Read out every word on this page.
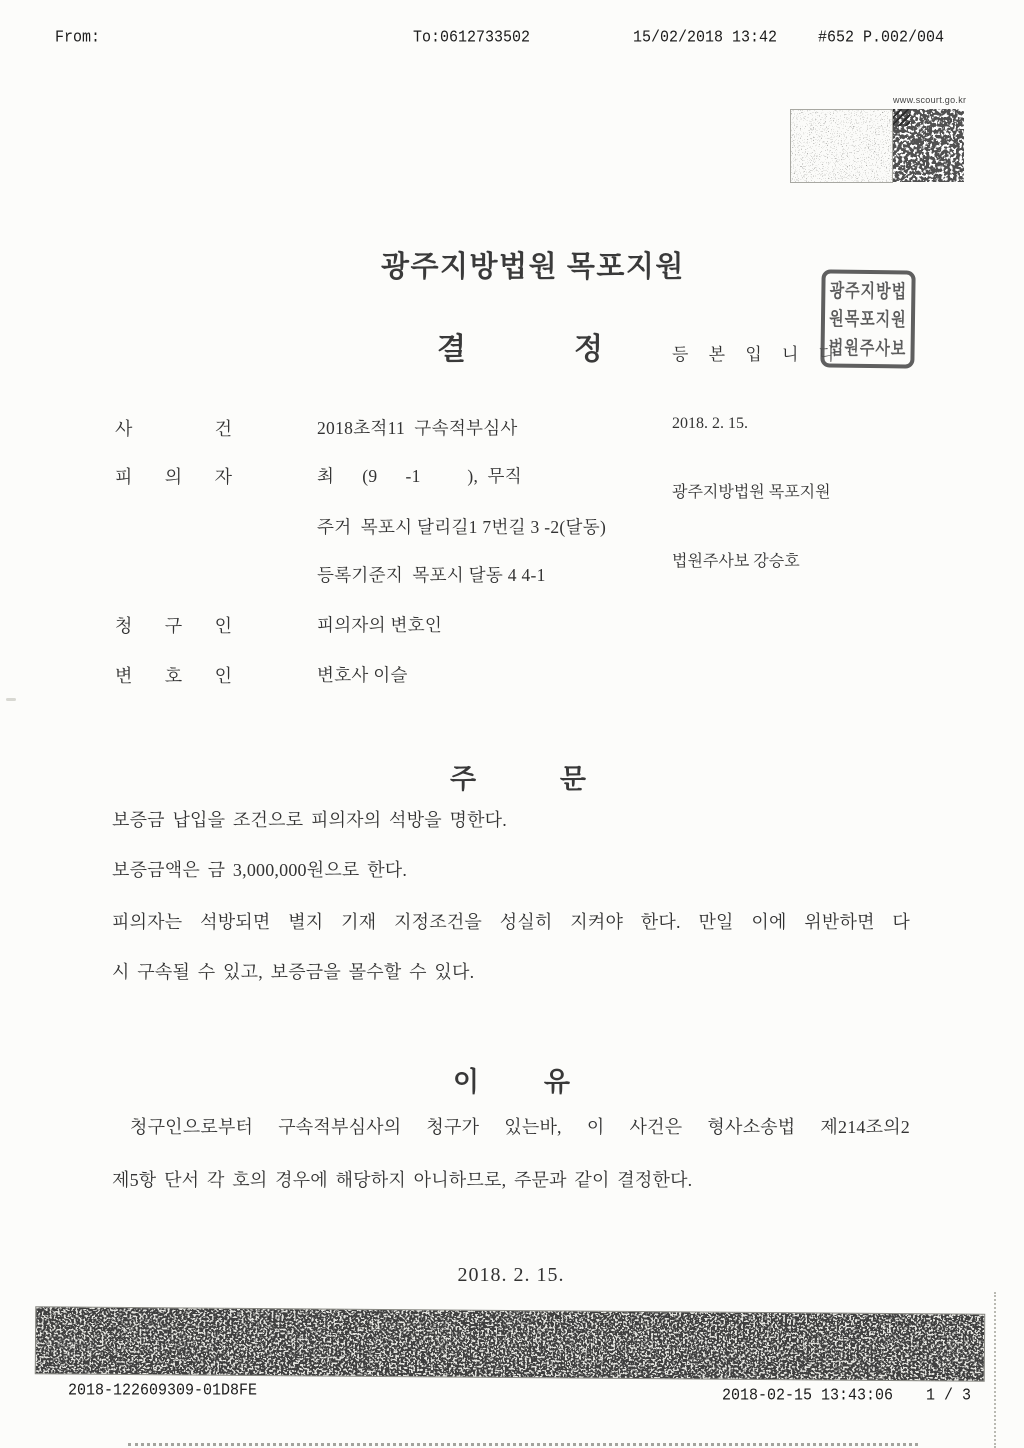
From:	To:0612733502	15/02/2018 13:42	#652 P.002/004
www.scourt.go.kr
광주지방법원 목포지원
결 정

	등 본 입 니 다

2018. 2. 15.

광주지방법원 목포지원

법원주사보 강승호

광주지방법
원목포지원
법원주사보
사 건	2018초적11  구속적부심사
피 의 자	최      (9      -1          ),  무직
주거  목포시 달리길1 7번길 3 -2(달동)
등록기준지  목포시 달동 4 4-1
청 구 인	피의자의 변호인
변 호 인	변호사 이슬
주 문
보증금 납입을 조건으로 피의자의 석방을 명한다.
보증금액은 금 3,000,000원으로 한다.
피의자는 석방되면 별지 기재 지정조건을 성실히 지켜야 한다. 만일 이에 위반하면 다
시 구속될 수 있고, 보증금을 몰수할 수 있다.
이 유
청구인으로부터 구속적부심사의 청구가 있는바, 이 사건은 형사소송법 제214조의2
제5항 단서 각 호의 경우에 해당하지 아니하므로, 주문과 같이 결정한다.
2018. 2. 15.
2018-122609309-01D8FE	2018-02-15 13:43:06 1 / 3
